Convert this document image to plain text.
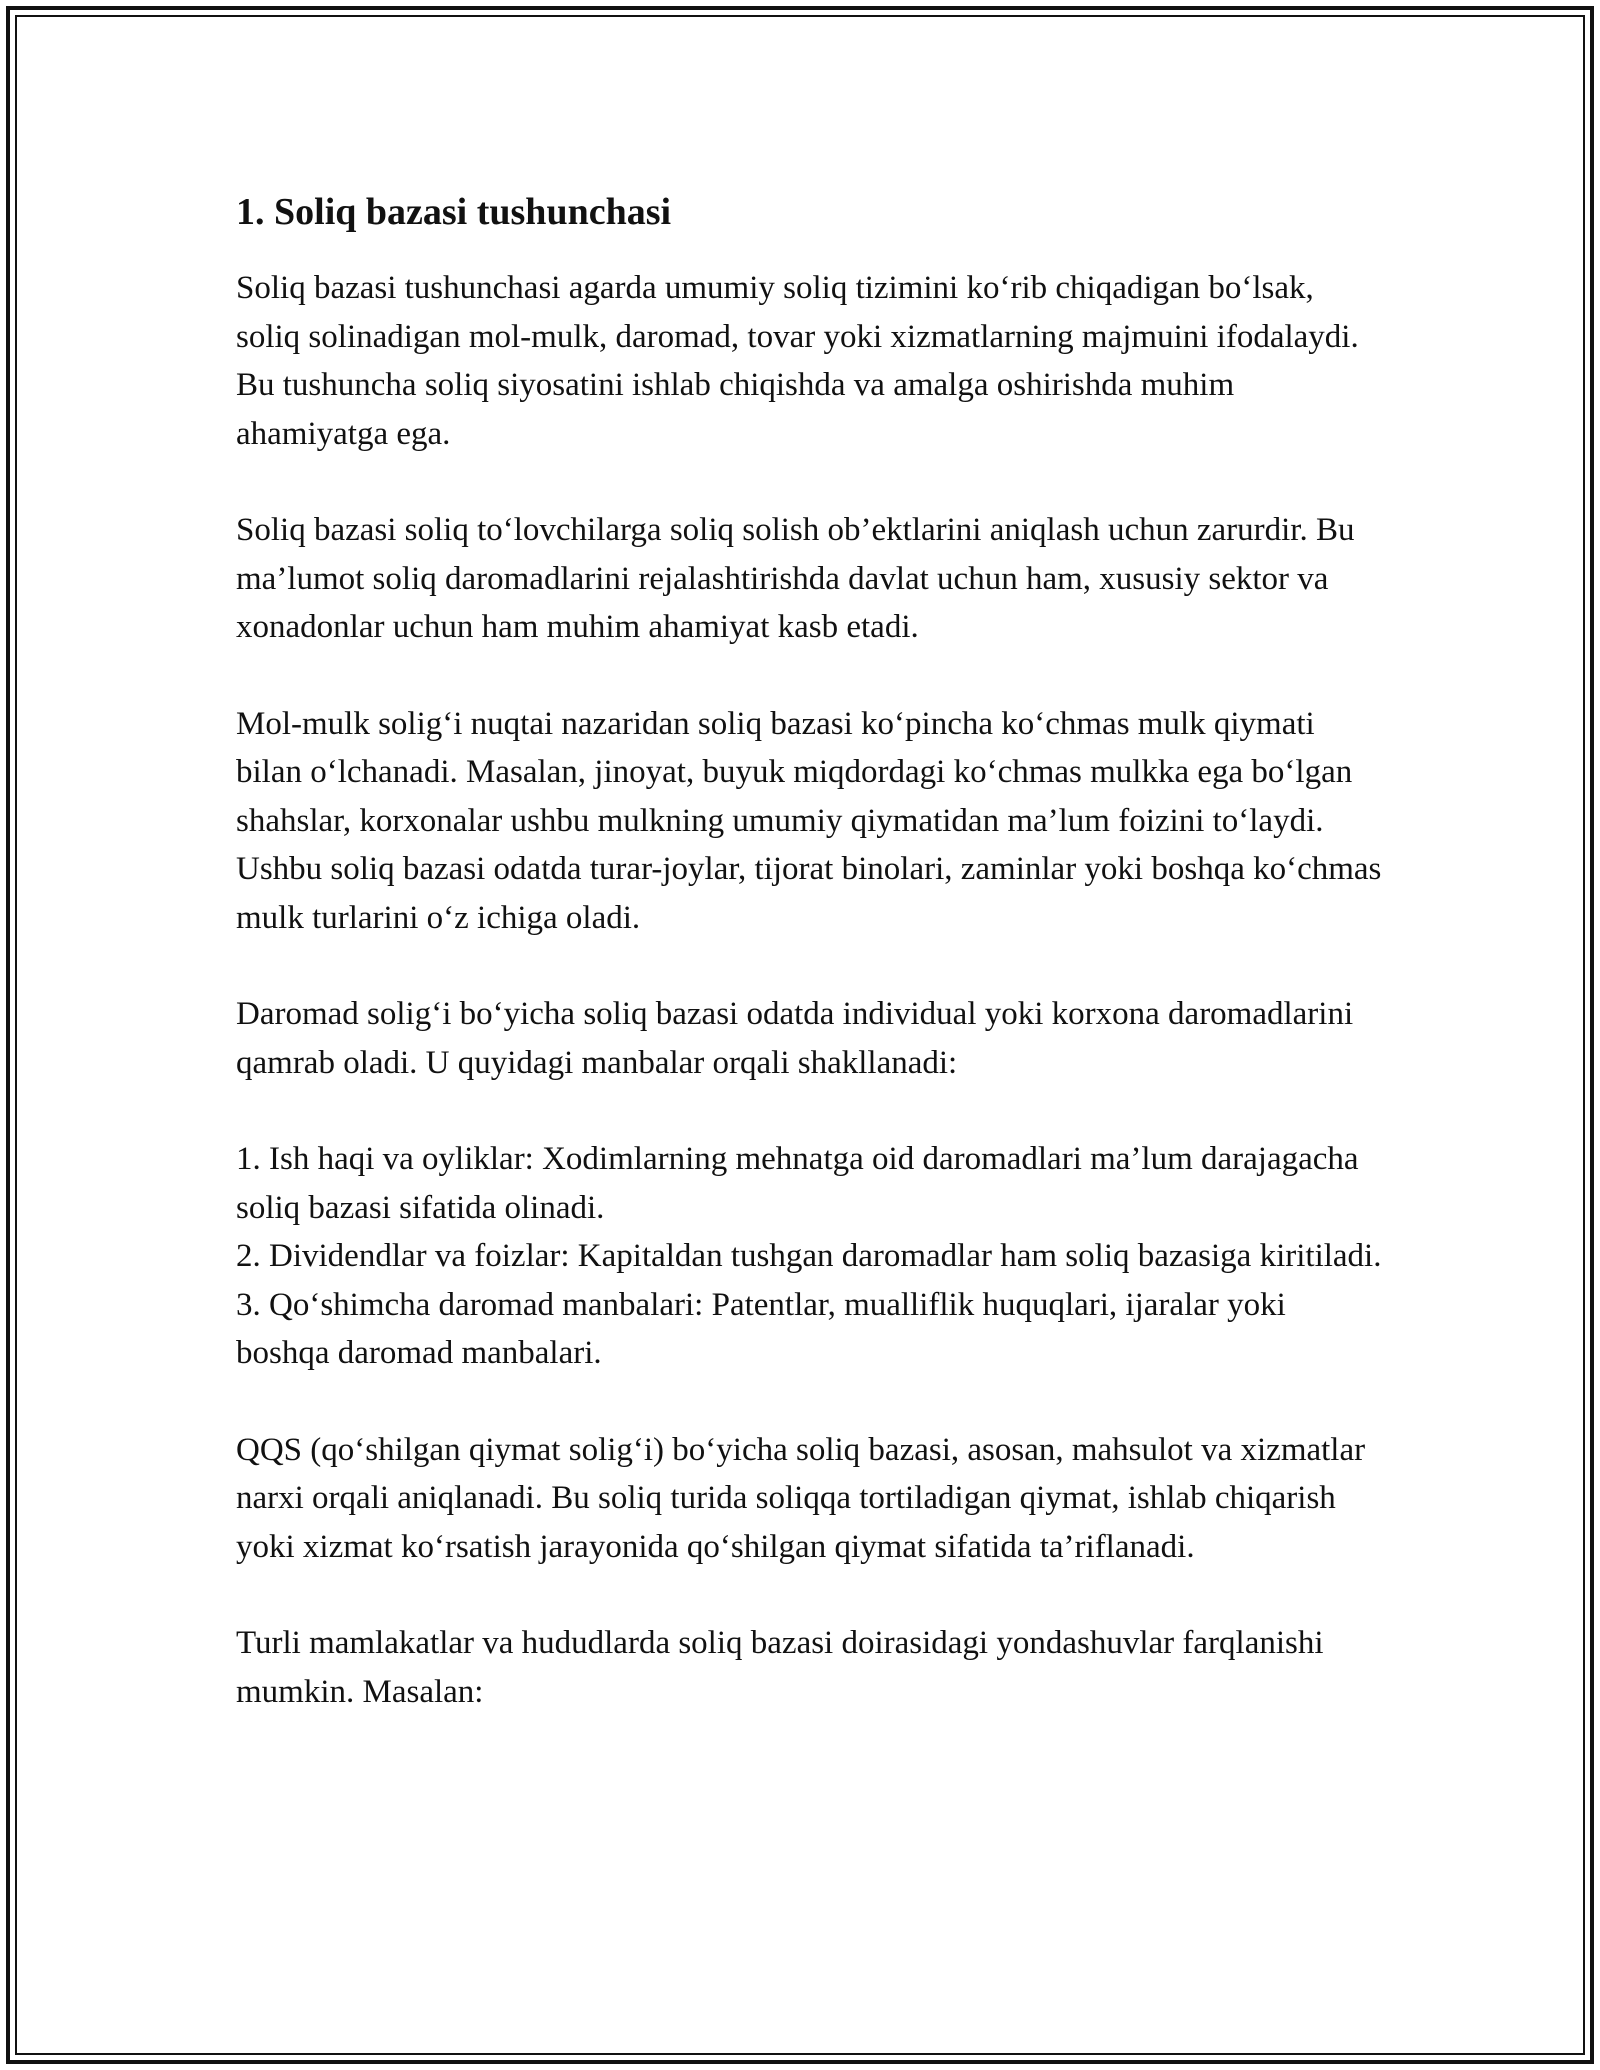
1. Soliq bazasi tushunchasi

Soliq bazasi tushunchasi agarda umumiy soliq tizimini ko‘rib chiqadigan bo‘lsak, soliq solinadigan mol-mulk, daromad, tovar yoki xizmatlarning majmuini ifodalaydi. Bu tushuncha soliq siyosatini ishlab chiqishda va amalga oshirishda muhim ahamiyatga ega.

Soliq bazasi soliq to‘lovchilarga soliq solish ob’ektlarini aniqlash uchun zarurdir. Bu ma’lumot soliq daromadlarini rejalashtirishda davlat uchun ham, xususiy sektor va xonadonlar uchun ham muhim ahamiyat kasb etadi.

Mol-mulk solig‘i nuqtai nazaridan soliq bazasi ko‘pincha ko‘chmas mulk qiymati bilan o‘lchanadi. Masalan, jinoyat, buyuk miqdordagi ko‘chmas mulkka ega bo‘lgan shahslar, korxonalar ushbu mulkning umumiy qiymatidan ma’lum foizini to‘laydi. Ushbu soliq bazasi odatda turar-joylar, tijorat binolari, zaminlar yoki boshqa ko‘chmas mulk turlarini o‘z ichiga oladi.

Daromad solig‘i bo‘yicha soliq bazasi odatda individual yoki korxona daromadlarini qamrab oladi. U quyidagi manbalar orqali shakllanadi:

1. Ish haqi va oyliklar: Xodimlarning mehnatga oid daromadlari ma’lum darajagacha soliq bazasi sifatida olinadi.
2. Dividendlar va foizlar: Kapitaldan tushgan daromadlar ham soliq bazasiga kiritiladi.
3. Qo‘shimcha daromad manbalari: Patentlar, mualliflik huquqlari, ijaralar yoki boshqa daromad manbalari.

QQS (qo‘shilgan qiymat solig‘i) bo‘yicha soliq bazasi, asosan, mahsulot va xizmatlar narxi orqali aniqlanadi. Bu soliq turida soliqqa tortiladigan qiymat, ishlab chiqarish yoki xizmat ko‘rsatish jarayonida qo‘shilgan qiymat sifatida ta’riflanadi.

Turli mamlakatlar va hududlarda soliq bazasi doirasidagi yondashuvlar farqlanishi mumkin. Masalan:
